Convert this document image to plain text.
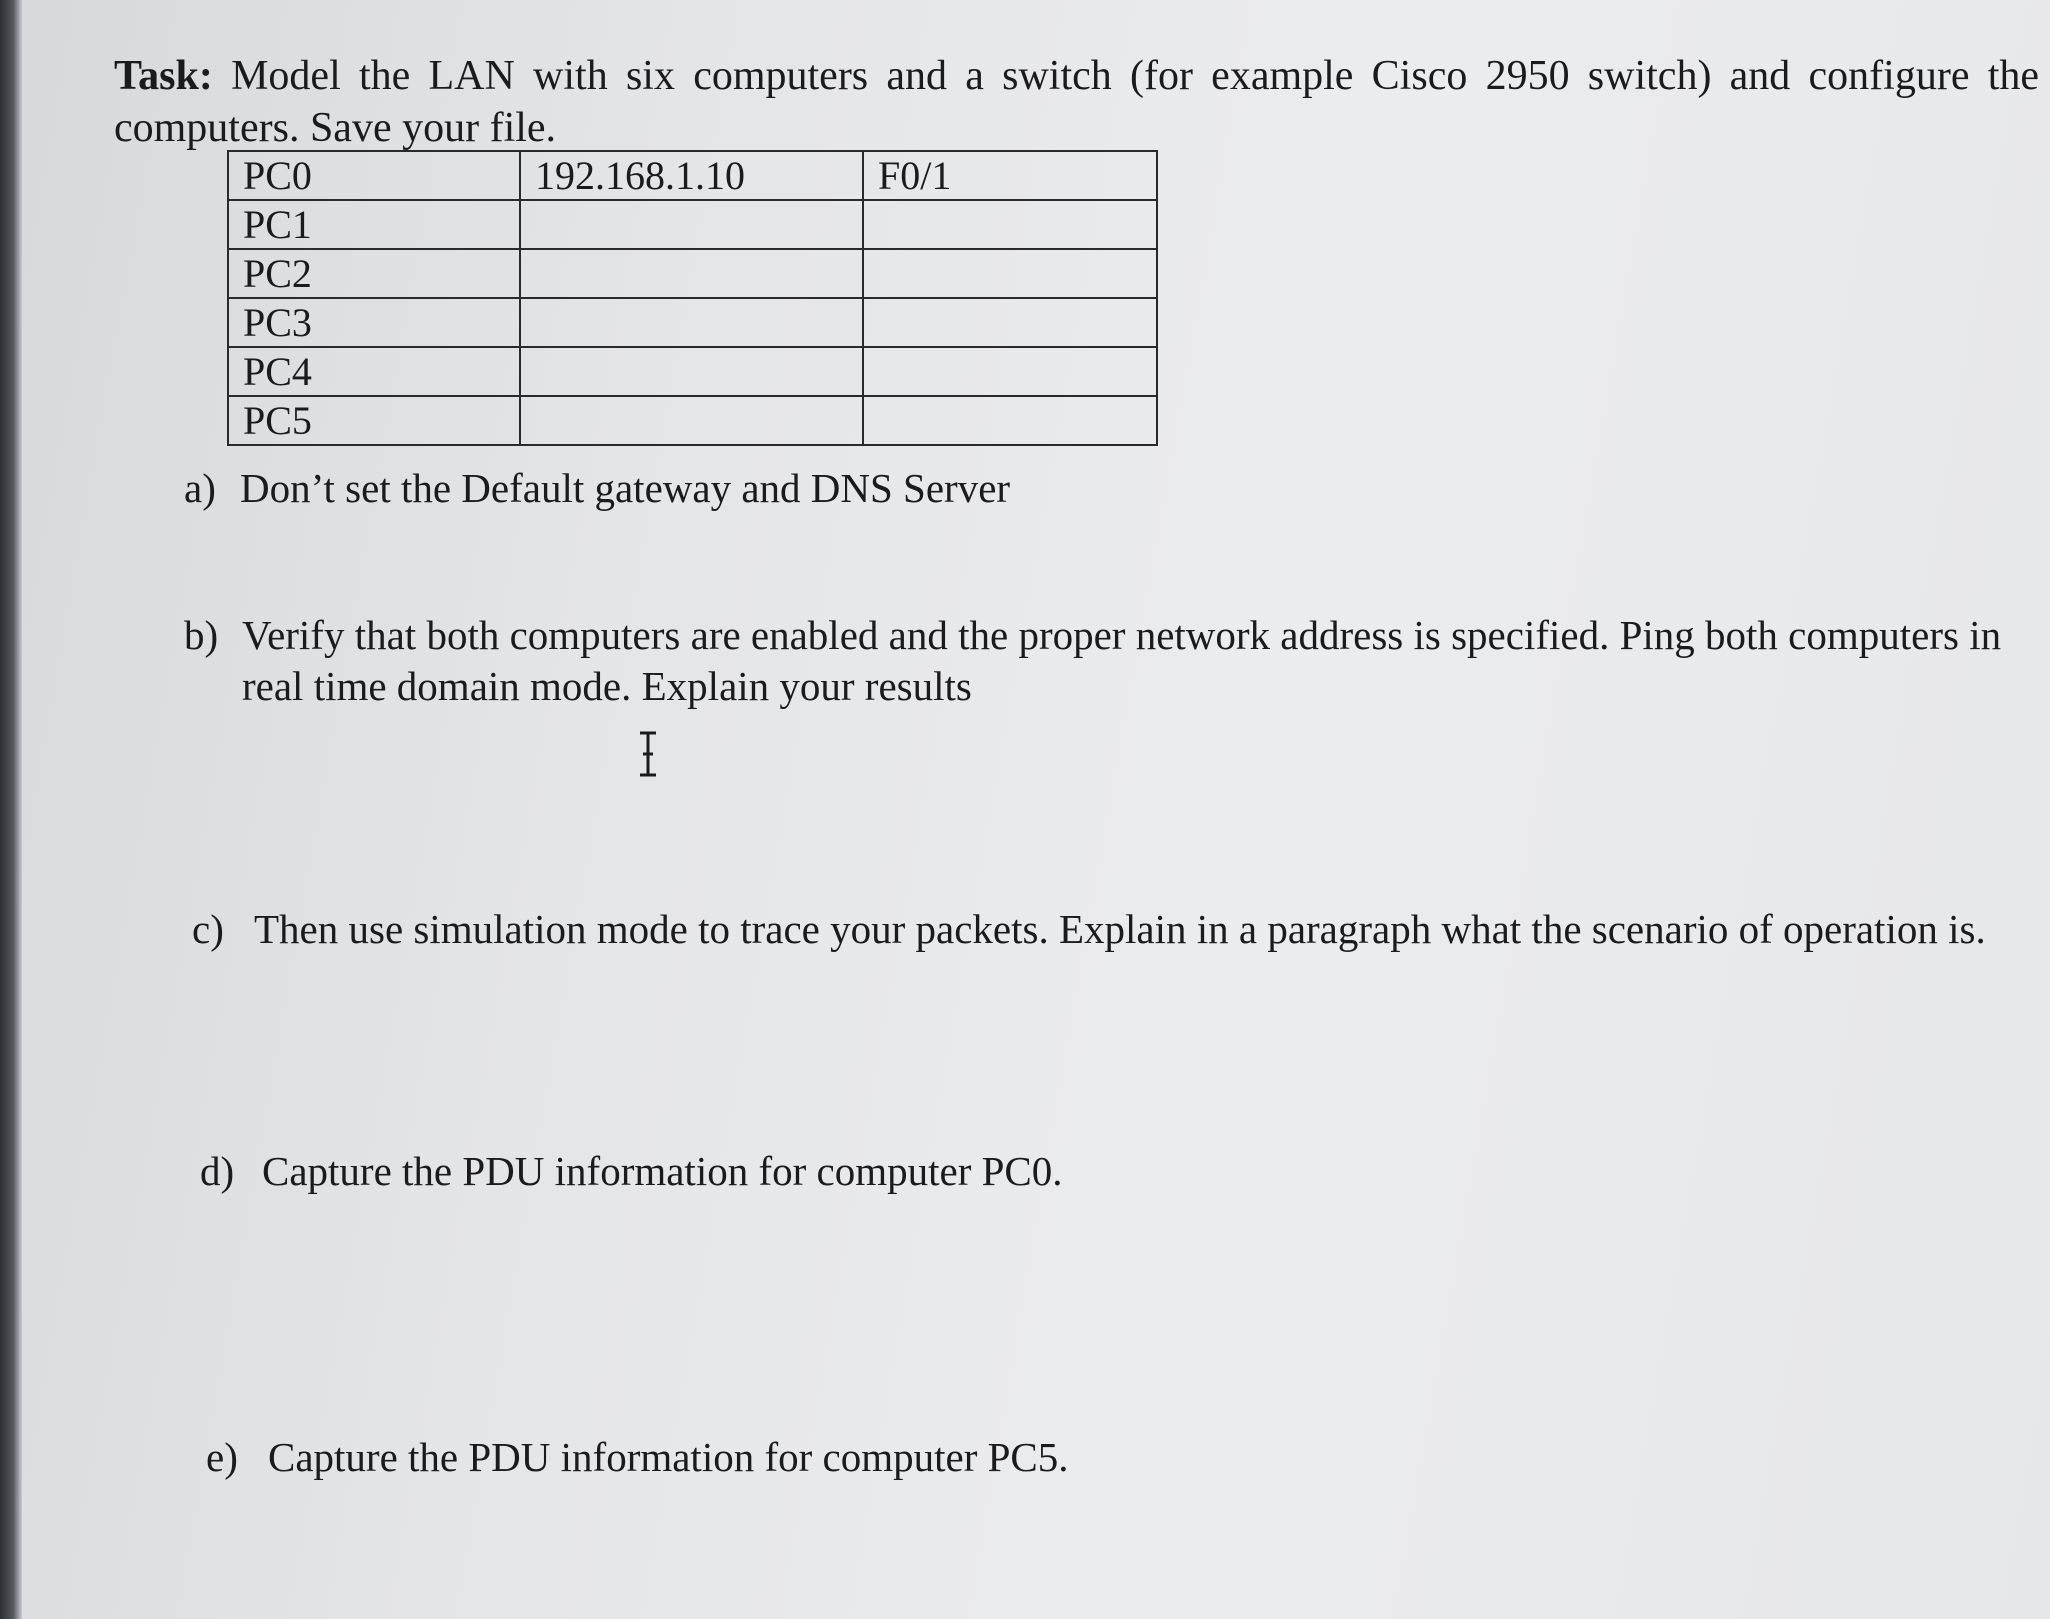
Task: Model the LAN with six computers and a switch (for example Cisco 2950 switch) and configure the computers. Save your file.
PC0	192.168.1.10	F0/1
PC1		
PC2		
PC3		
PC4		
PC5		
a) Don’t set the Default gateway and DNS Server
b) Verify that both computers are enabled and the proper network address is specified. Ping both computers in real time domain mode. Explain your results
c) Then use simulation mode to trace your packets. Explain in a paragraph what the scenario of operation is.
d) Capture the PDU information for computer PC0.
e) Capture the PDU information for computer PC5.
